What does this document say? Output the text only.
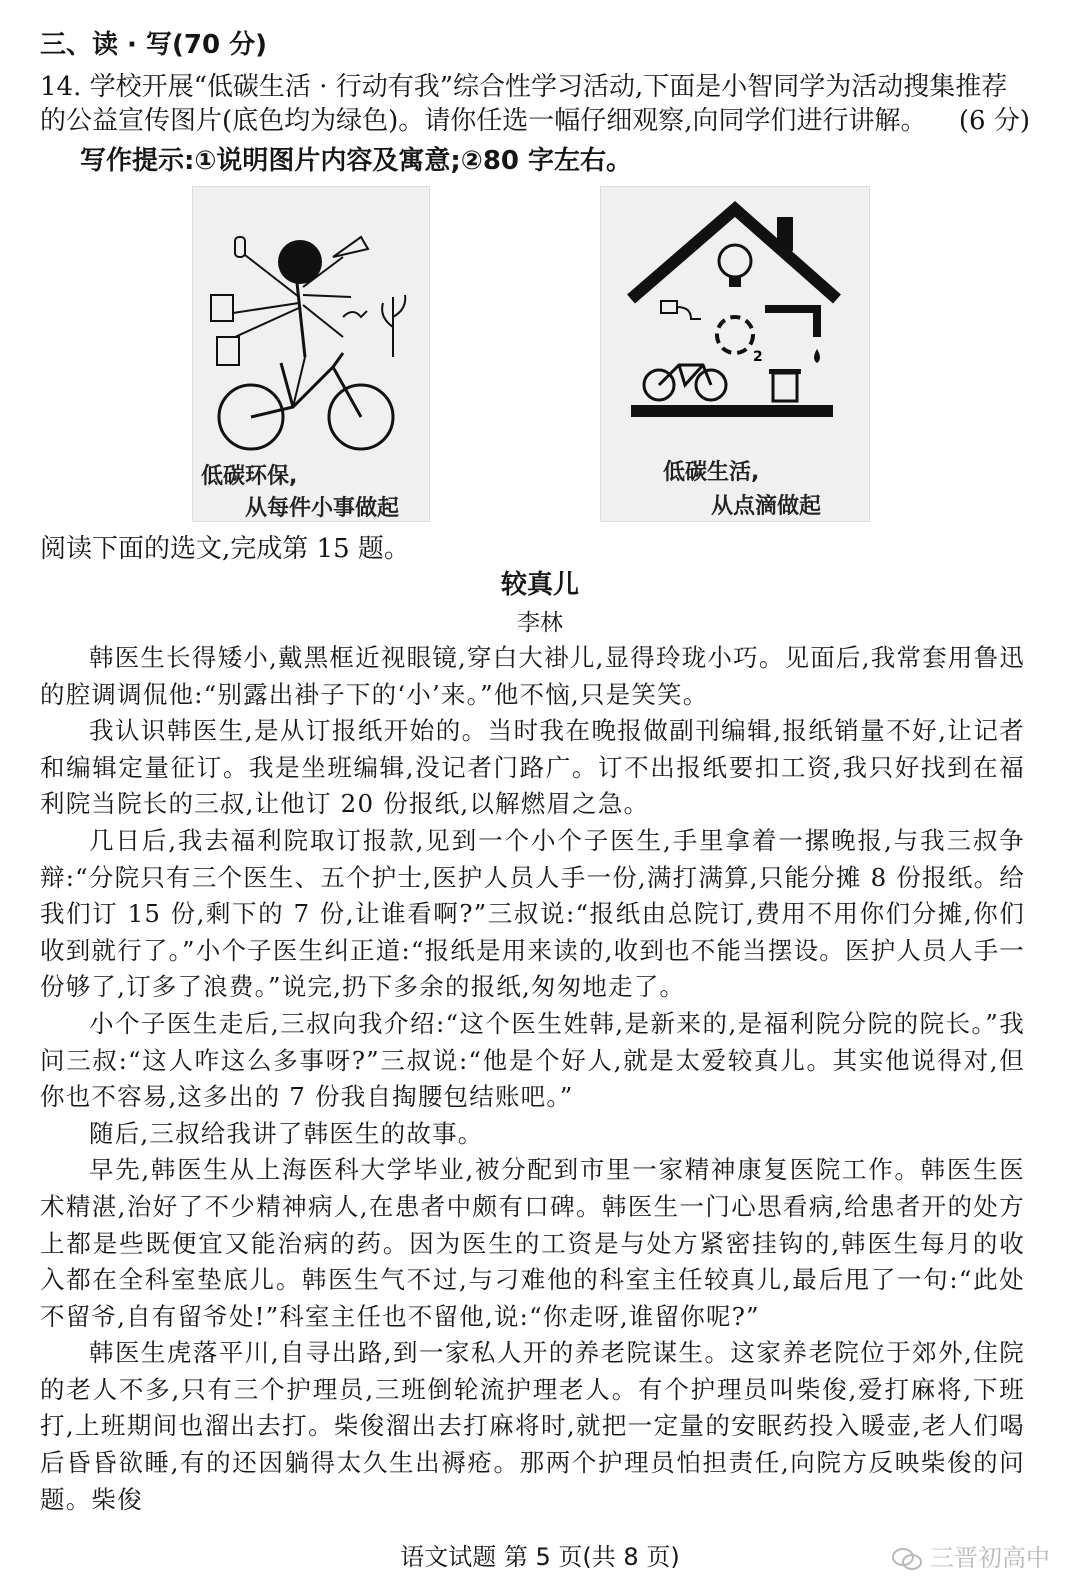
三、读 · 写(70 分)
14. 学校开展“低碳生活 · 行动有我”综合性学习活动,下面是小智同学为活动搜集推荐的公益宣传图片(底色均为绿色)。请你任选一幅仔细观察,向同学们进行讲解。 (6 分)
写作提示:①说明图片内容及寓意;②80 字左右。
低碳环保,
从每件小事做起
2
低碳生活,
从点滴做起
阅读下面的选文,完成第 15 题。
较真儿
李林

韩医生长得矮小,戴黑框近视眼镜,穿白大褂儿,显得玲珑小巧。见面后,我常套用鲁迅的腔调调侃他:“别露出褂子下的‘小’来。”他不恼,只是笑笑。

我认识韩医生,是从订报纸开始的。当时我在晚报做副刊编辑,报纸销量不好,让记者和编辑定量征订。我是坐班编辑,没记者门路广。订不出报纸要扣工资,我只好找到在福利院当院长的三叔,让他订 20 份报纸,以解燃眉之急。

几日后,我去福利院取订报款,见到一个小个子医生,手里拿着一摞晚报,与我三叔争辩:“分院只有三个医生、五个护士,医护人员人手一份,满打满算,只能分摊 8 份报纸。给我们订 15 份,剩下的 7 份,让谁看啊?”三叔说:“报纸由总院订,费用不用你们分摊,你们收到就行了。”小个子医生纠正道:“报纸是用来读的,收到也不能当摆设。医护人员人手一份够了,订多了浪费。”说完,扔下多余的报纸,匆匆地走了。

小个子医生走后,三叔向我介绍:“这个医生姓韩,是新来的,是福利院分院的院长。”我问三叔:“这人咋这么多事呀?”三叔说:“他是个好人,就是太爱较真儿。其实他说得对,但你也不容易,这多出的 7 份我自掏腰包结账吧。”

随后,三叔给我讲了韩医生的故事。

早先,韩医生从上海医科大学毕业,被分配到市里一家精神康复医院工作。韩医生医术精湛,治好了不少精神病人,在患者中颇有口碑。韩医生一门心思看病,给患者开的处方上都是些既便宜又能治病的药。因为医生的工资是与处方紧密挂钩的,韩医生每月的收入都在全科室垫底儿。韩医生气不过,与刁难他的科室主任较真儿,最后甩了一句:“此处不留爷,自有留爷处!”科室主任也不留他,说:“你走呀,谁留你呢?”

韩医生虎落平川,自寻出路,到一家私人开的养老院谋生。这家养老院位于郊外,住院的老人不多,只有三个护理员,三班倒轮流护理老人。有个护理员叫柴俊,爱打麻将,下班打,上班期间也溜出去打。柴俊溜出去打麻将时,就把一定量的安眠药投入暖壶,老人们喝后昏昏欲睡,有的还因躺得太久生出褥疮。那两个护理员怕担责任,向院方反映柴俊的问题。柴俊

语文试题 第 5 页(共 8 页)	三晋初高中
